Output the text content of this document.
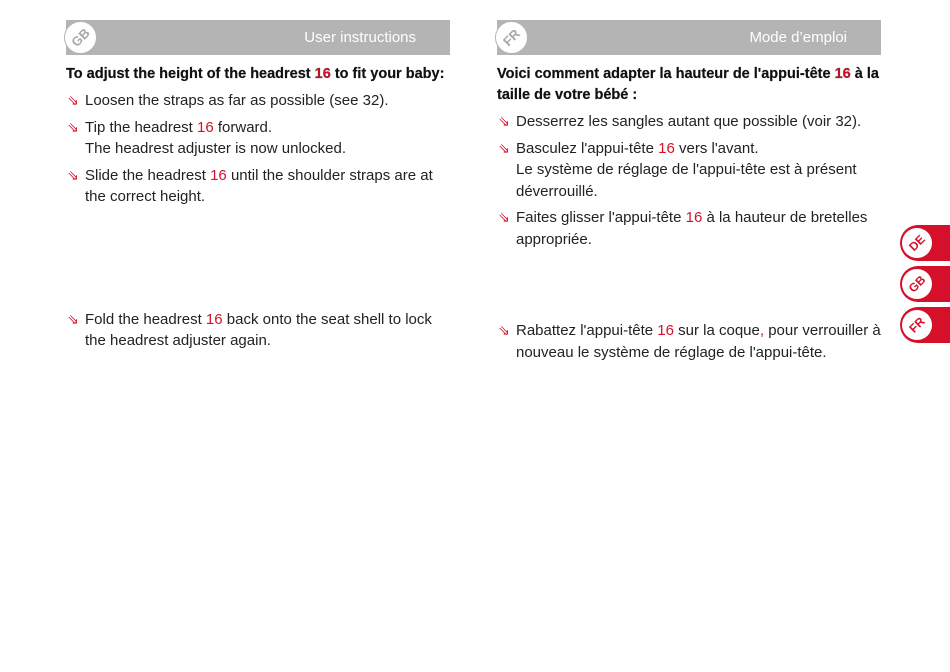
GB	User instructions
To adjust the height of the headrest 16 to fit your baby:
⇘ Loosen the straps as far as possible (see 32).
⇘ Tip the headrest 16 forward.
The headrest adjuster is now unlocked.
⇘ Slide the headrest 16 until the shoulder straps are at the correct height.
⇘ Fold the headrest 16 back onto the seat shell to lock the headrest adjuster again.
FR	Mode d’emploi
Voici comment adapter la hauteur de l'appui-tête 16 à la taille de votre bébé :
⇘ Desserrez les sangles autant que possible (voir 32).
⇘ Basculez l'appui-tête 16 vers l'avant.
Le système de réglage de l'appui-tête est à présent déverrouillé.
⇘ Faites glisser l'appui-tête 16 à la hauteur de bretelles appropriée.
⇘ Rabattez l'appui-tête 16 sur la coque, pour verrouiller à nouveau le système de réglage de l'appui-tête.
DE
GB
FR
